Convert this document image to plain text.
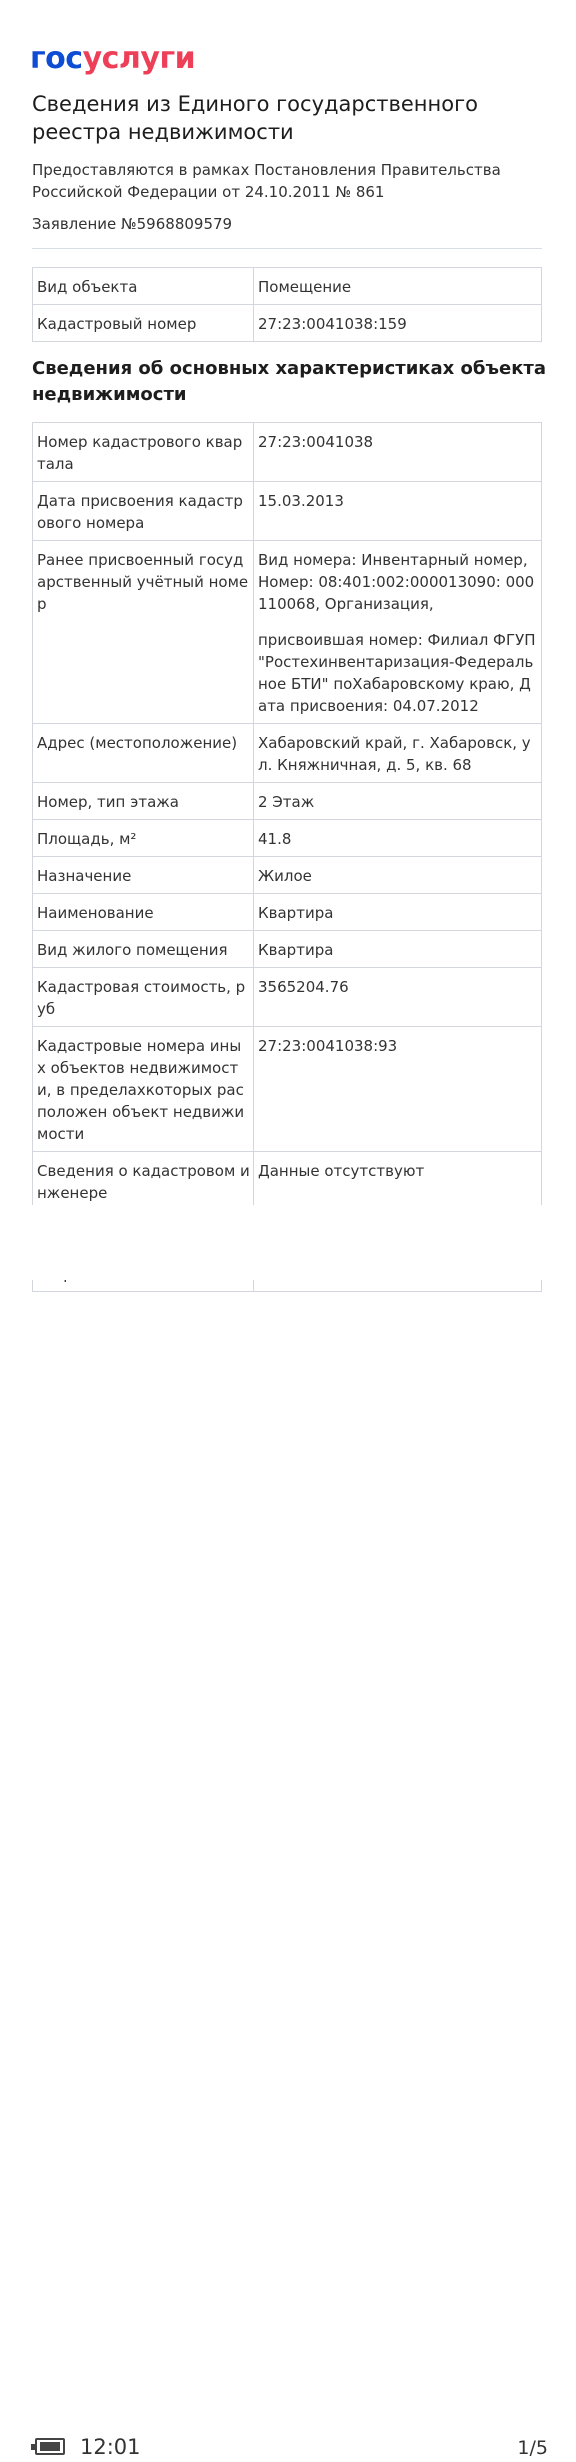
госуслуги
Сведения из Единого государственного реестра недвижимости
Предоставляются в рамках Постановления Правительства Российской Федерации от 24.10.2011 № 861
Заявление №5968809579
Вид объекта	Помещение
Кадастровый номер	27:23:0041038:159
Сведения об основных характеристиках объекта недвижимости
Номер кадастрового квартала	27:23:0041038
Дата присвоения кадастрового номера	15.03.2013
Ранее присвоенный государственный учётный номер	Вид номера: Инвентарный номер, Номер: 08:401:002:000013090: 000110068, Организация,
присвоившая номер: Филиал ФГУП "Ростехинвентаризация-Федеральное БТИ" поХабаровскому краю, Дата присвоения: 04.07.2012

Адрес (местоположение)	Хабаровский край, г. Хабаровск, ул. Княжничная, д. 5, кв. 68
Номер, тип этажа	2 Этаж
Площадь, м²	41.8
Назначение	Жилое
Наименование	Квартира
Вид жилого помещения	Квартира
Кадастровая стоимость, руб	3565204.76
Кадастровые номера иных объектов недвижимости, в пределахкоторых расположен объект недвижимости	27:23:0041038:93
Сведения о кадастровом инженере	Данные отсутствуют

12:01	1/5
